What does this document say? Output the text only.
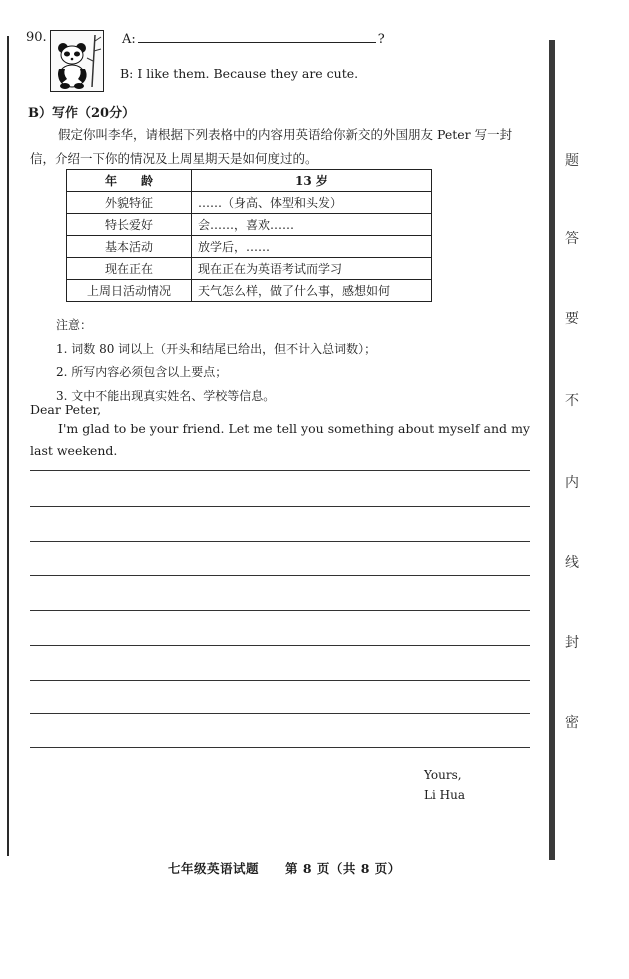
90.	A:	?
B: I like them. Because they are cute.
B）写作（20分）
假定你叫李华，请根据下列表格中的内容用英语给你新交的外国朋友 Peter 写一封信，介绍一下你的情况及上周星期天是如何度过的。
年　　龄	13 岁
外貌特征	……（身高、体型和头发）
特长爱好	会……，喜欢……
基本活动	放学后，……
现在正在	现在正在为英语考试而学习
上周日活动情况	天气怎么样，做了什么事，感想如何
注意：
1. 词数 80 词以上（开头和结尾已给出，但不计入总词数）；
2. 所写内容必须包含以上要点；
3. 文中不能出现真实姓名、学校等信息。
Dear Peter,
I'm glad to be your friend. Let me tell you something about myself and my last weekend.
Yours,
Li Hua
七年级英语试题　　第 8 页（共 8 页）
题
答
要
不
内
线
封
密
